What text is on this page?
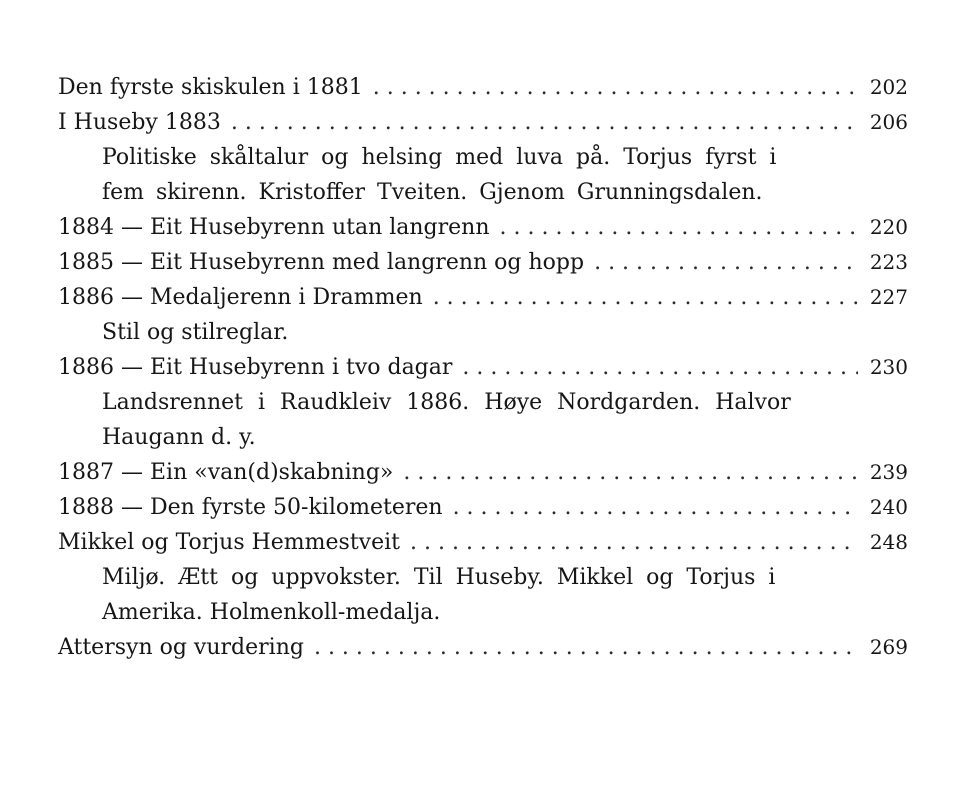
Den fyrste skiskulen i 1881 . . .	202
I Huseby 1883 . . .	206
Politiske skåltalur og helsing med luva på. Torjus fyrst i
fem skirenn. Kristoffer Tveiten. Gjenom Grunningsdalen.
1884 — Eit Husebyrenn utan langrenn . . .	220
1885 — Eit Husebyrenn med langrenn og hopp . . .	223
1886 — Medaljerenn i Drammen . . .	227
Stil og stilreglar.
1886 — Eit Husebyrenn i tvo dagar . . .	230
Landsrennet i Raudkleiv 1886. Høye Nordgarden. Halvor
Haugann d. y.
1887 — Ein «van(d)skabning» . . .	239
1888 — Den fyrste 50-kilometeren . . .	240
Mikkel og Torjus Hemmestveit . . .	248
Miljø. Ætt og uppvokster. Til Huseby. Mikkel og Torjus i
Amerika. Holmenkoll-medalja.
Attersyn og vurdering . . .	269
